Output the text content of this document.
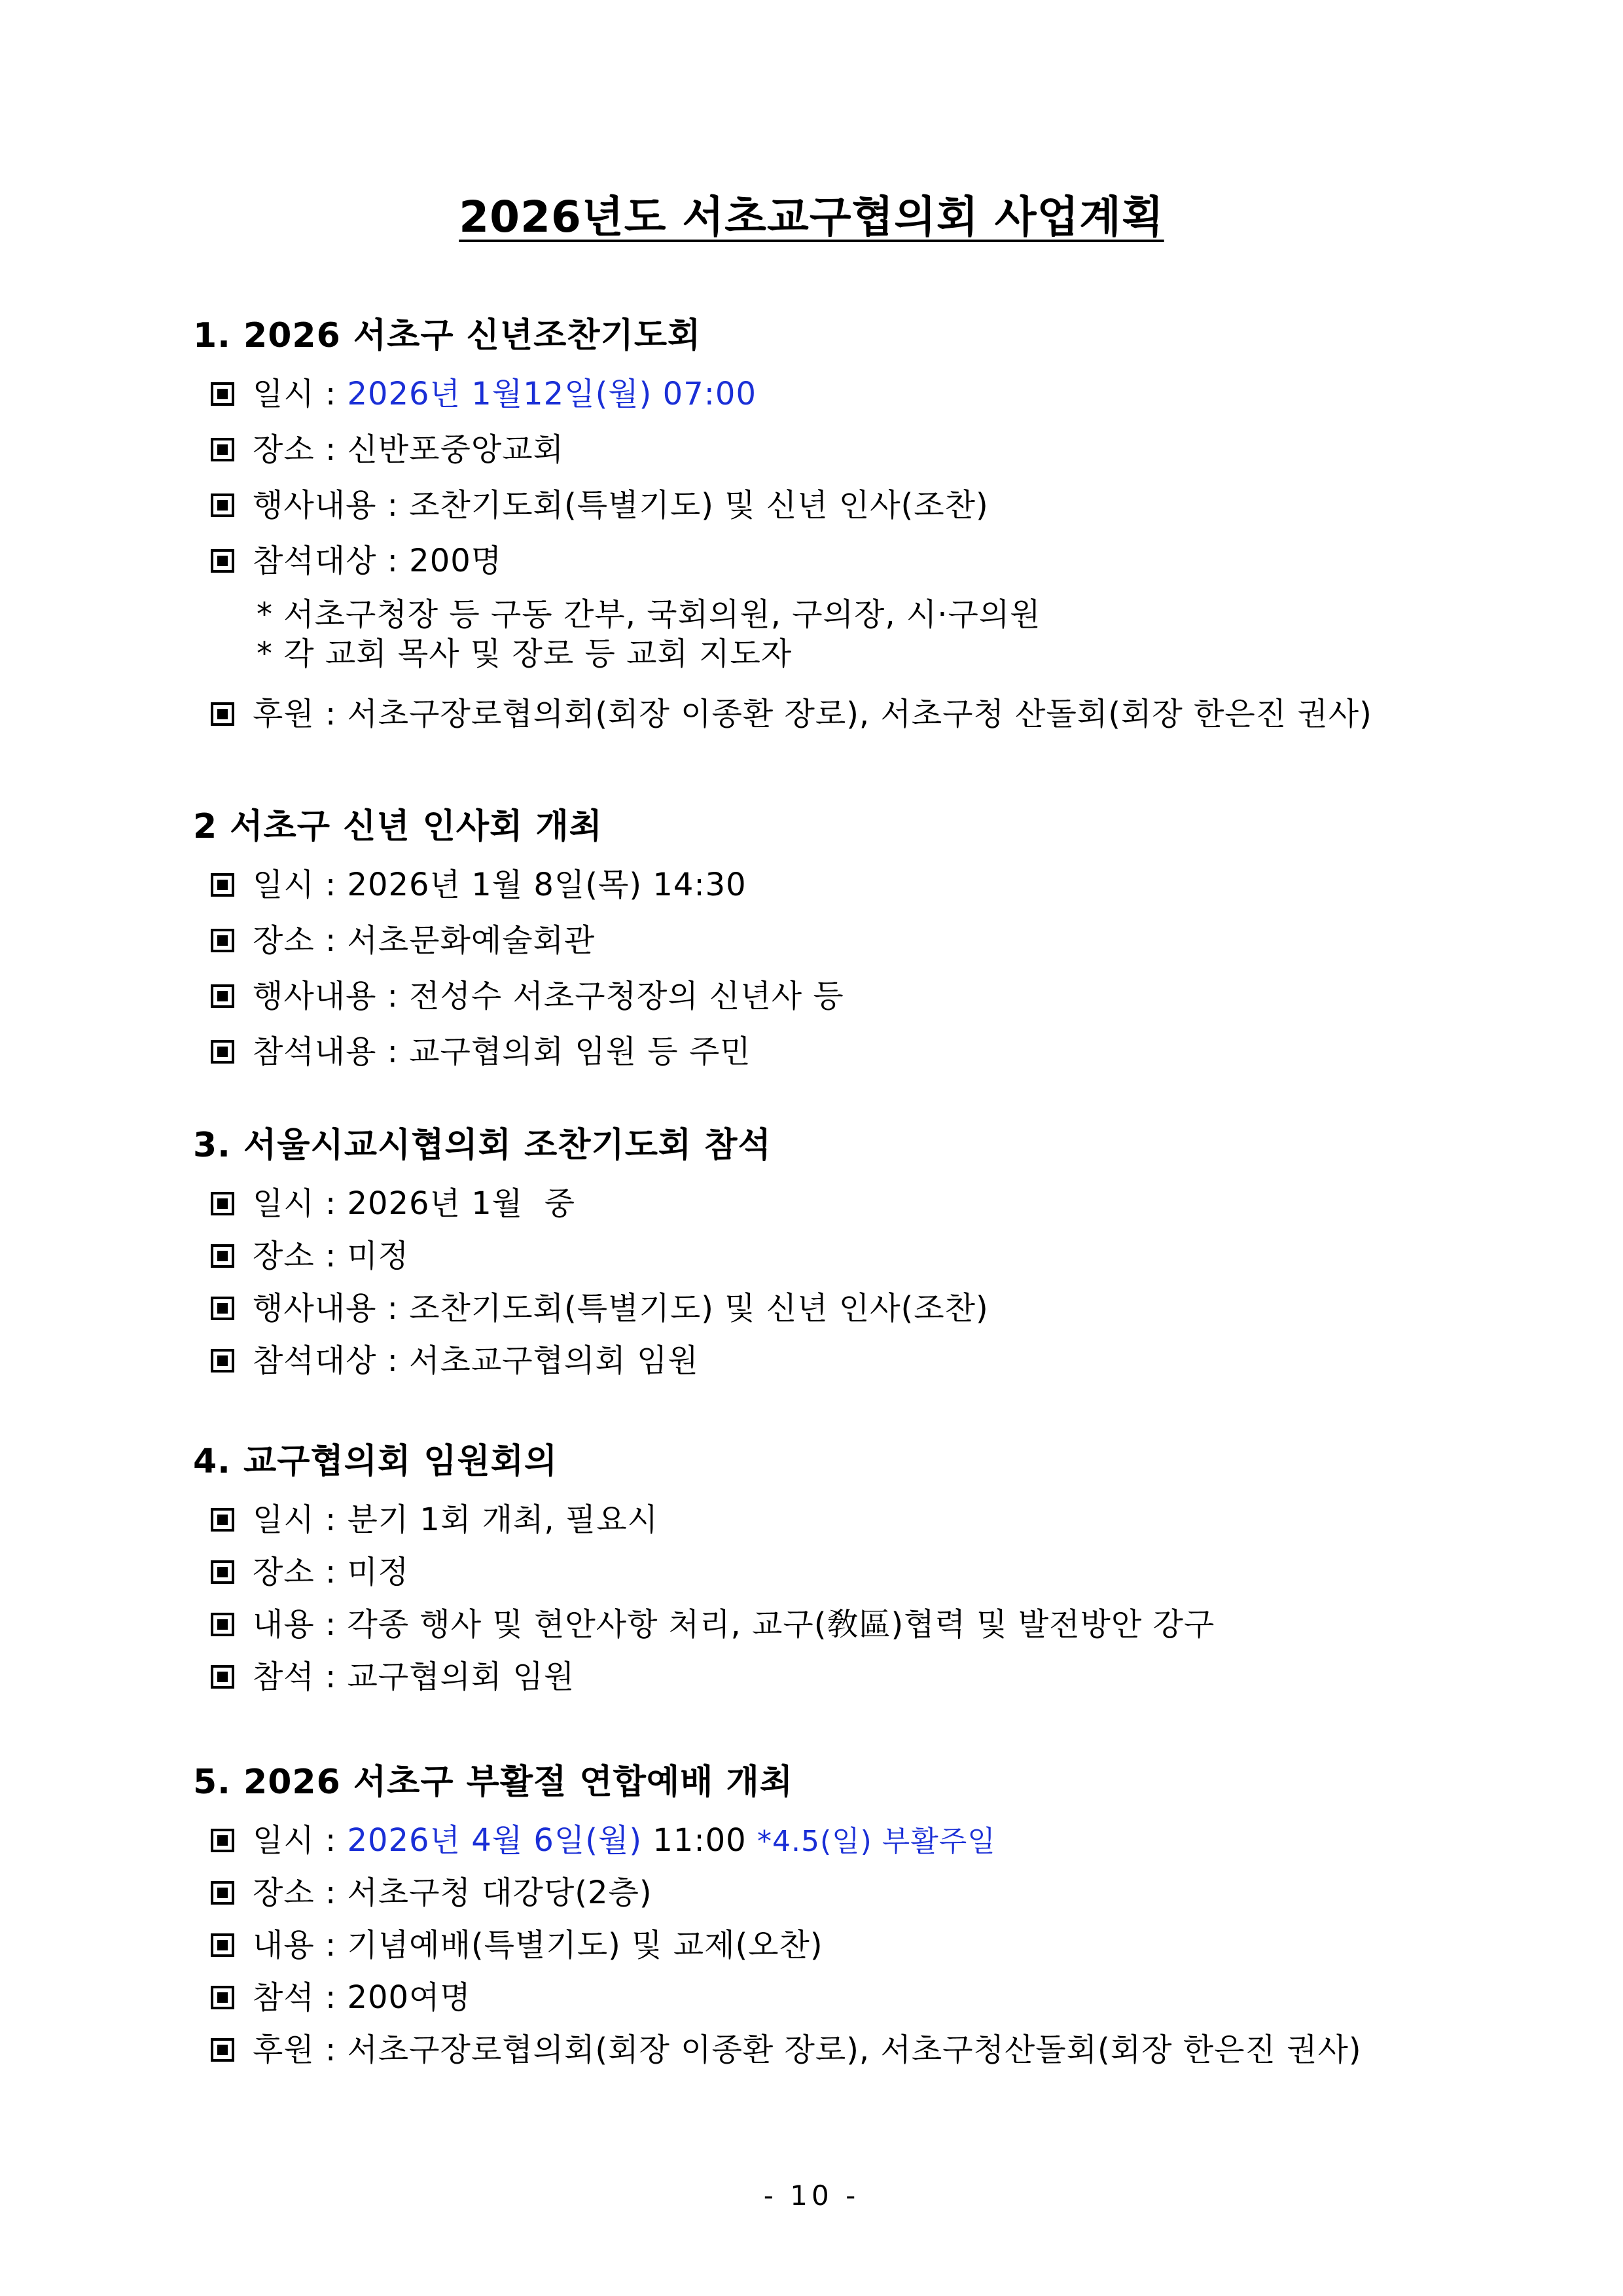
2026년도 서초교구협의회 사업계획
1. 2026 서초구 신년조찬기도회
일시 : 2026년 1월12일(월) 07:00
장소 : 신반포중앙교회
행사내용 : 조찬기도회(특별기도) 및 신년 인사(조찬)
참석대상 : 200명
* 서초구청장 등 구동 간부, 국회의원, 구의장, 시·구의원
* 각 교회 목사 및 장로 등 교회 지도자
후원 : 서초구장로협의회(회장 이종환 장로), 서초구청 산돌회(회장 한은진 권사)
2 서초구 신년 인사회 개최
일시 : 2026년 1월 8일(목) 14:30
장소 : 서초문화예술회관
행사내용 : 전성수 서초구청장의 신년사 등
참석내용 : 교구협의회 임원 등 주민
3. 서울시교시협의회 조찬기도회 참석
일시 : 2026년 1월  중
장소 : 미정
행사내용 : 조찬기도회(특별기도) 및 신년 인사(조찬)
참석대상 : 서초교구협의회 임원
4. 교구협의회 임원회의
일시 : 분기 1회 개최, 필요시
장소 : 미정
내용 : 각종 행사 및 현안사항 처리, 교구(敎區)협력 및 발전방안 강구
참석 : 교구협의회 임원
5. 2026 서초구 부활절 연합예배 개최
일시 : 2026년 4월 6일(월) 11:00 *4.5(일) 부활주일
장소 : 서초구청 대강당(2층)
내용 : 기념예배(특별기도) 및 교제(오찬)
참석 : 200여명
후원 : 서초구장로협의회(회장 이종환 장로), 서초구청산돌회(회장 한은진 권사)
- 10 -
